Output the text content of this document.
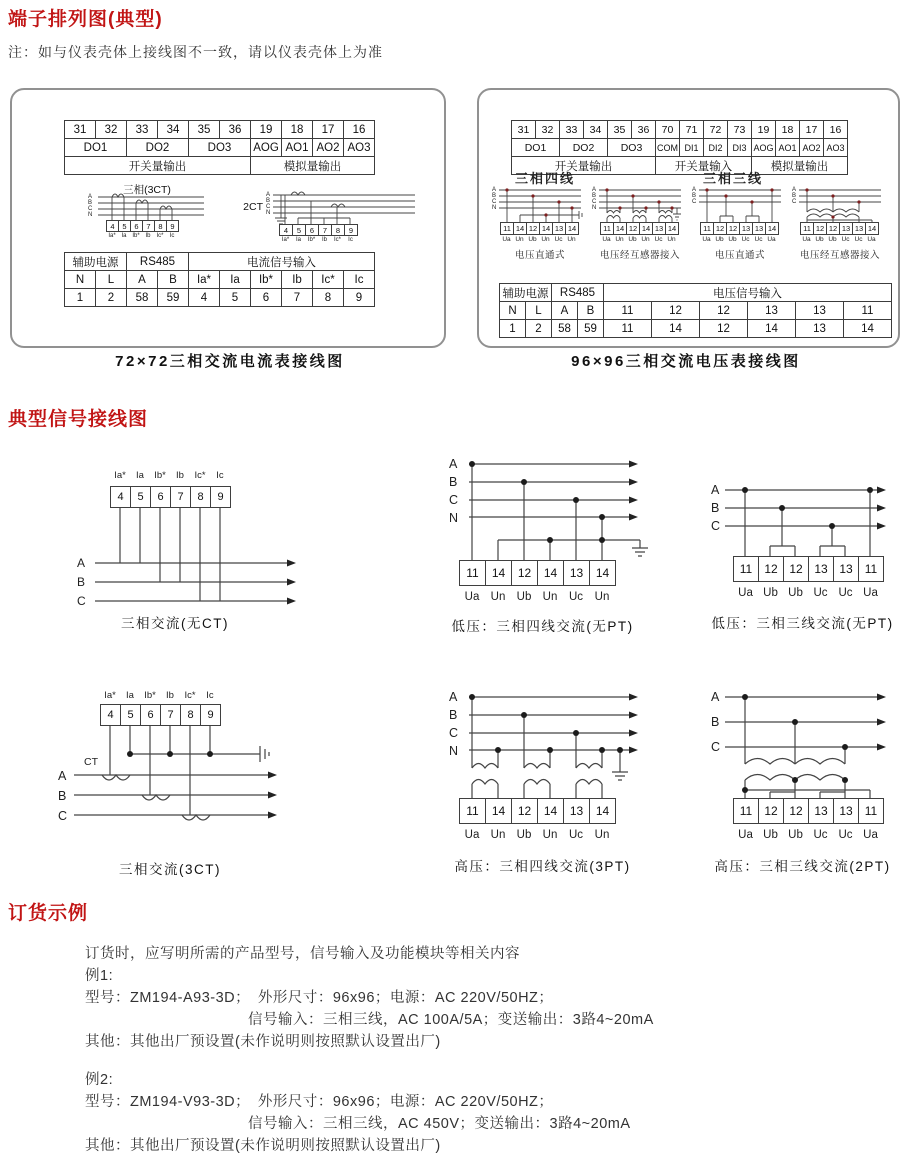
端子排列图(典型)
注：如与仪表壳体上接线图不一致，请以仪表壳体上为准
31	32	33	34	35	36	19	18	17	16
DO1	DO2	DO3	AOG AO1 AO2 AO3
开关量输出	模拟量输出
三相(3CT)
A
B
C
N
4	5	6	7	8	9
Ia* Ia Ib* Ib Ic*	Ic
2CT
A
B
C
N
4	5	6	7	8	9
Ia*	Ia	Ib*	Ib	Ic*	Ic
辅助电源	RS485	电流信号输入
N	L	A	B	Ia*	Ia	Ib*	Ib	Ic*	Ic
1	2	58	59	4	5	6	7	8	9
72×72三相交流电流表接线图
31	32	33	34	35	36	70	71	72	73	19	18	17	16
DO1	DO2	DO3	COM DI1	DI2	DI3 AOG AO1 AO2 AO3
开关量输出	开关量输入	模拟量输出
三相四线	三相三线
A
B
C
N
11 14 12 14 13 14
Ua Un Ub Un Uc Un
电压直通式
A
B
C
N
11 14 12 14 13 14
Ua Un Ub Un Uc Un
电压经互感器接入
A
B
C
11 12 12 13 13 14
Ua Ub Ub Uc Uc Ua
电压直通式
A
B
C
11 12 12 13 13 14
Ua Ub Ub Uc Uc Ua
电压经互感器接入
辅助电源 RS485	电压信号输入
N	L	A	B	11	12	12	13	13	11
1	2	58	59	11	14	12	14	13	14
96×96三相交流电压表接线图
典型信号接线图
Ia*	Ia	Ib*	Ib	Ic*	Ic
4	5	6	7	8	9
A
B
C
三相交流(无CT)
A
B
C
N
11	14	12	14	13	14
Ua Un Ub Un	Uc	Un
低压：三相四线交流(无PT)
A
B
C
11	12 12 13 13	11
Ua Ub Ub Uc Uc Ua
低压：三相三线交流(无PT)
Ia*	Ia	Ib*	Ib	Ic*	Ic
4	5	6	7	8	9
CT
A
B
C
三相交流(3CT)
A
B
C
N
11	14	12	14	13	14
Ua Un Ub Un	Uc	Un
高压：三相四线交流(3PT)
A
B
C
11	12 12 13 13	11
Ua Ub Ub Uc Uc Ua
高压：三相三线交流(2PT)
订货示例
订货时，应写明所需的产品型号，信号输入及功能模块等相关内容
例1:
型号：ZM194-A93-3D；　外形尺寸：96x96；电源：AC 220V/50HZ；
信号输入：三相三线，AC 100A/5A；变送输出：3路4~20mA
其他：其他出厂预设置(未作说明则按照默认设置出厂)
例2:
型号：ZM194-V93-3D；　外形尺寸：96x96；电源：AC 220V/50HZ；
信号输入：三相三线，AC 450V；变送输出：3路4~20mA
其他：其他出厂预设置(未作说明则按照默认设置出厂)
